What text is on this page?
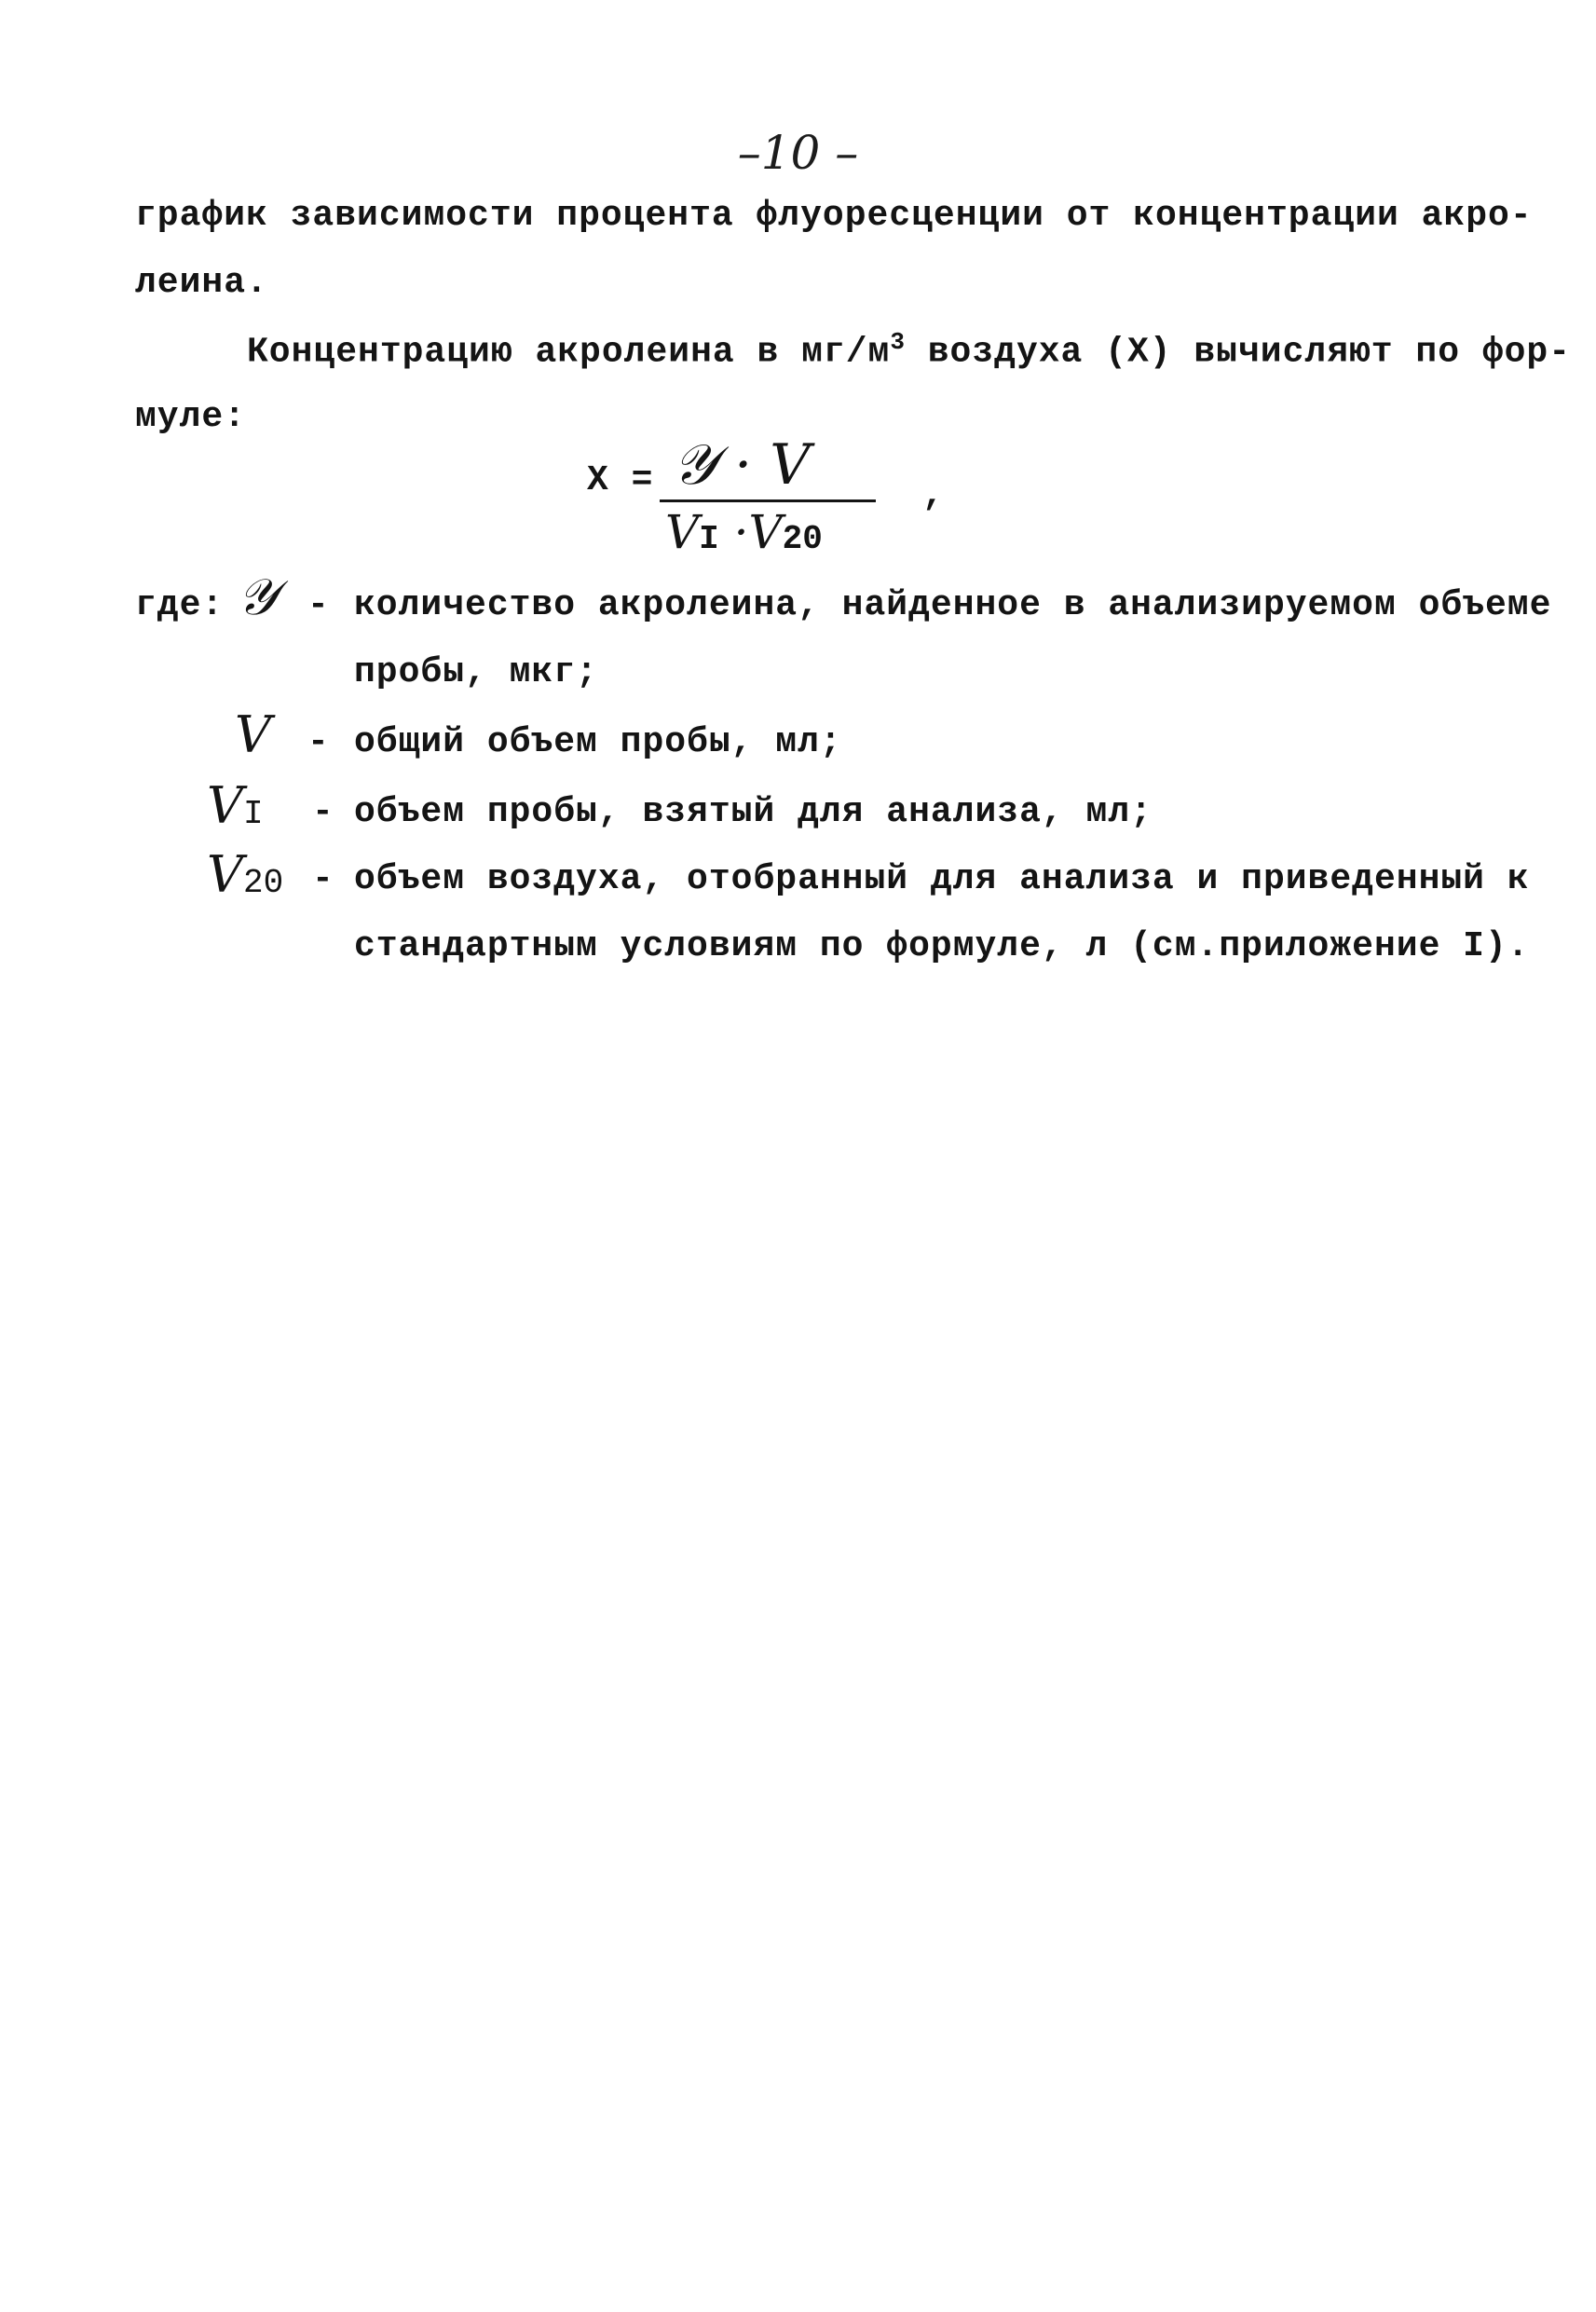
–10 –
график зависимости процента флуоресценции от концентрации акро-
леина.
Концентрацию акролеина в $мг/м^3$ воздуха (Х) вычисляют по фор-
муле:
Х = 𝒴 · V
VI ·V20
,
где: 𝒴 - количество акролеина, найденное в анализируемом объеме
пробы, мкг;
V - общий объем пробы, мл;
VI - объем пробы, взятый для анализа, мл;
V20 - объем воздуха, отобранный для анализа и приведенный к
стандартным условиям по формуле, л (см.приложение I).
